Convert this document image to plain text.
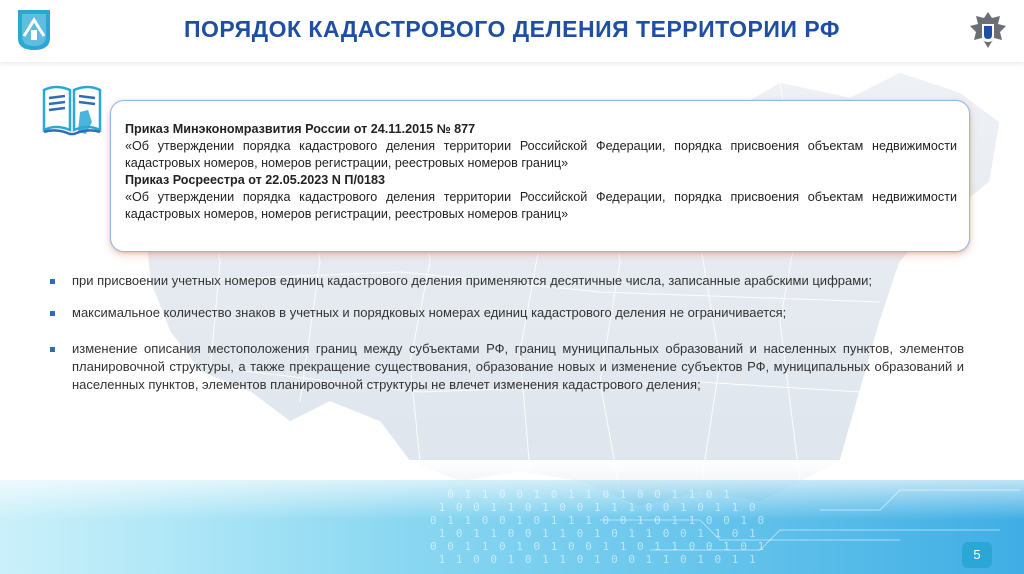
0 1 1 0 0 1 0 1 1 0 1 0 0 1 1 0 1
1 0 0 1 1 0 1 0 0 1 1 1 0 0 1 0 1 1 0
0 1 1 0 0 1 0 1 1 1 0 0 1 0 1 1 0 0 1 0
1 0 1 1 0 0 1 1 0 1 0 1 1 0 0 1 1 0 1
0 0 1 1 0 1 0 1 0 0 1 1 0 1 1 0 0 1 0 1
1 1 0 0 1 0 1 1 0 1 0 0 1 1 0 1 0 1 1
ПОРЯДОК КАДАСТРОВОГО ДЕЛЕНИЯ ТЕРРИТОРИИ РФ

Приказ Минэкономразвития России от 24.11.2015 № 877

«Об утверждении порядка кадастрового деления территории Российской Федерации, порядка присвоения объектам недвижимости кадастровых номеров, номеров регистрации, реестровых номеров границ»

Приказ Росреестра от 22.05.2023 N П/0183

«Об утверждении порядка кадастрового деления территории Российской Федерации, порядка присвоения объектам недвижимости кадастровых номеров, номеров регистрации, реестровых номеров границ»

при присвоении учетных номеров единиц кадастрового деления применяются десятичные числа, записанные арабскими цифрами;
максимальное количество знаков в учетных и порядковых номерах единиц кадастрового деления не ограничивается;
изменение описания местоположения границ между субъектами РФ, границ муниципальных образований и населенных пунктов, элементов планировочной структуры, а также прекращение существования, образование новых и изменение субъектов РФ, муниципальных образований и населенных пунктов, элементов планировочной структуры не влечет изменения кадастрового деления;
5
